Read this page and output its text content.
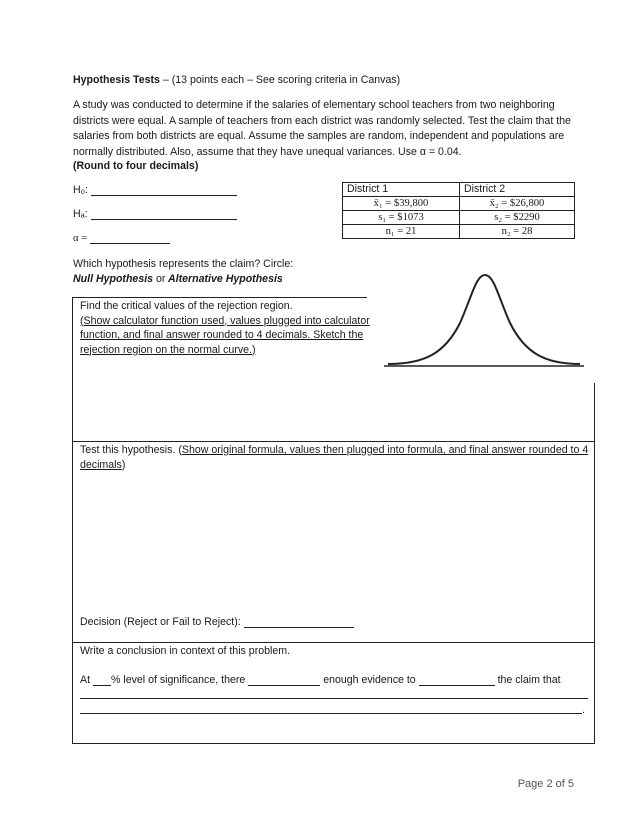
Hypothesis Tests – (13 points each – See scoring criteria in Canvas)
A study was conducted to determine if the salaries of elementary school teachers from two neighboring districts were equal. A sample of teachers from each district was randomly selected. Test the claim that the salaries from both districts are equal. Assume the samples are random, independent and populations are normally distributed. Also, assume that they have unequal variances. Use α = 0.04.
(Round to four decimals)
H₀:
Hₐ:
α =
District 1	District 2
x̄₁ = $39,800	x̄₂ = $26,800
s₁ = $1073	s₂ = $2290
n₁ = 21	n₂ = 28
Which hypothesis represents the claim? Circle:
Null Hypothesis or Alternative Hypothesis
Find the critical values of the rejection region.
(Show calculator function used, values plugged into calculator function, and final answer rounded to 4 decimals. Sketch the rejection region on the normal curve.)
Test this hypothesis. (Show original formula, values then plugged into formula, and final answer rounded to 4 decimals)
Decision (Reject or Fail to Reject):
Write a conclusion in context of this problem.
At % level of significance, there	enough evidence to	the claim that
.
Page 2 of 5
